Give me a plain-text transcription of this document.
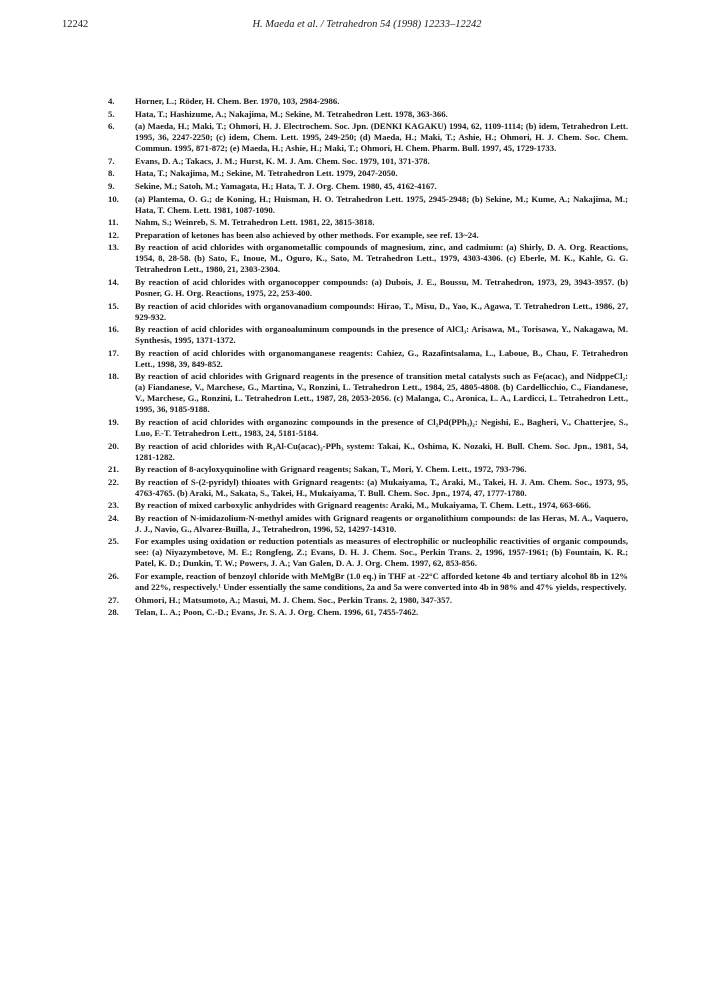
12242	H. Maeda et al. / Tetrahedron 54 (1998) 12233–12242
4.	Horner, L.; Röder, H. Chem. Ber. 1970, 103, 2984-2986.
5.	Hata, T.; Hashizume, A.; Nakajima, M.; Sekine, M. Tetrahedron Lett. 1978, 363-366.
6.	(a) Maeda, H.; Maki, T.; Ohmori, H. J. Electrochem. Soc. Jpn. (DENKI KAGAKU) 1994, 62, 1109-1114; (b) idem, Tetrahedron Lett. 1995, 36, 2247-2250; (c) idem, Chem. Lett. 1995, 249-250; (d) Maeda, H.; Maki, T.; Ashie, H.; Ohmori, H. J. Chem. Soc. Chem. Commun. 1995, 871-872; (e) Maeda, H.; Ashie, H.; Maki, T.; Ohmori, H. Chem. Pharm. Bull. 1997, 45, 1729-1733.
7.	Evans, D. A.; Takacs, J. M.; Hurst, K. M. J. Am. Chem. Soc. 1979, 101, 371-378.
8.	Hata, T.; Nakajima, M.; Sekine, M. Tetrahedron Lett. 1979, 2047-2050.
9.	Sekine, M.; Satoh, M.; Yamagata, H.; Hata, T. J. Org. Chem. 1980, 45, 4162-4167.
10.	(a) Plantema, O. G.; de Koning, H.; Huisman, H. O. Tetrahedron Lett. 1975, 2945-2948; (b) Sekine, M.; Kume, A.; Nakajima, M.; Hata, T. Chem. Lett. 1981, 1087-1090.
11.	Nahm, S.; Weinreb, S. M. Tetrahedron Lett. 1981, 22, 3815-3818.
12.	Preparation of ketones has been also achieved by other methods. For example, see ref. 13~24.
13.	By reaction of acid chlorides with organometallic compounds of magnesium, zinc, and cadmium: (a) Shirly, D. A. Org. Reactions, 1954, 8, 28-58. (b) Sato, F., Inoue, M., Oguro, K., Sato, M. Tetrahedron Lett., 1979, 4303-4306. (c) Eberle, M. K., Kahle, G. G. Tetrahedron Lett., 1980, 21, 2303-2304.
14.	By reaction of acid chlorides with organocopper compounds: (a) Dubois, J. E., Boussu, M. Tetrahedron, 1973, 29, 3943-3957. (b) Posner, G. H. Org. Reactions, 1975, 22, 253-400.
15.	By reaction of acid chlorides with organovanadium compounds: Hirao, T., Misu, D., Yao, K., Agawa, T. Tetrahedron Lett., 1986, 27, 929-932.
16.	By reaction of acid chlorides with organoaluminum compounds in the presence of AlCl₃: Arisawa, M., Torisawa, Y., Nakagawa, M. Synthesis, 1995, 1371-1372.
17.	By reaction of acid chlorides with organomanganese reagents: Cahiez, G., Razafintsalama, L., Laboue, B., Chau, F. Tetrahedron Lett., 1998, 39, 849-852.
18.	By reaction of acid chlorides with Grignard reagents in the presence of transition metal catalysts such as Fe(acac)₃ and NidppeCl₂: (a) Fiandanese, V., Marchese, G., Martina, V., Ronzini, L. Tetrahedron Lett., 1984, 25, 4805-4808. (b) Cardellicchio, C., Fiandanese, V., Marchese, G., Ronzini, L. Tetrahedron Lett., 1987, 28, 2053-2056. (c) Malanga, C., Aronica, L. A., Lardicci, L. Tetrahedron Lett., 1995, 36, 9185-9188.
19.	By reaction of acid chlorides with organozinc compounds in the presence of Cl₂Pd(PPh₃)₂: Negishi, E., Bagheri, V., Chatterjee, S., Luo, F.-T. Tetrahedron Lett., 1983, 24, 5181-5184.
20.	By reaction of acid chlorides with R₃Al-Cu(acac)₂-PPh₃ system: Takai, K., Oshima, K. Nozaki, H. Bull. Chem. Soc. Jpn., 1981, 54, 1281-1282.
21.	By reaction of 8-acyloxyquinoline with Grignard reagents; Sakan, T., Mori, Y. Chem. Lett., 1972, 793-796.
22.	By reaction of S-(2-pyridyl) thioates with Grignard reagents: (a) Mukaiyama, T., Araki, M., Takei, H. J. Am. Chem. Soc., 1973, 95, 4763-4765. (b) Araki, M., Sakata, S., Takei, H., Mukaiyama, T. Bull. Chem. Soc. Jpn., 1974, 47, 1777-1780.
23.	By reaction of mixed carboxylic anhydrides with Grignard reagents: Araki, M., Mukaiyama, T. Chem. Lett., 1974, 663-666.
24.	By reaction of N-imidazolium-N-methyl amides with Grignard reagents or organolithium compounds: de las Heras, M. A., Vaquero, J. J., Navio, G., Alvarez-Builla, J., Tetrahedron, 1996, 52, 14297-14310.
25.	For examples using oxidation or reduction potentials as measures of electrophilic or nucleophilic reactivities of organic compounds, see: (a) Niyazymbetove, M. E.; Rongfeng, Z.; Evans, D. H. J. Chem. Soc., Perkin Trans. 2, 1996, 1957-1961; (b) Fountain, K. R.; Patel, K. D.; Dunkin, T. W.; Powers, J. A.; Van Galen, D. A. J. Org. Chem. 1997, 62, 853-856.
26.	For example, reaction of benzoyl chloride with MeMgBr (1.0 eq.) in THF at -22°C afforded ketone 4b and tertiary alcohol 8b in 12% and 22%, respectively.¹ Under essentially the same conditions, 2a and 5a were converted into 4b in 98% and 47% yields, respectively.
27.	Ohmori, H.; Matsumoto, A.; Masui, M. J. Chem. Soc., Perkin Trans. 2, 1980, 347-357.
28.	Telan, L. A.; Poon, C.-D.; Evans, Jr. S. A. J. Org. Chem. 1996, 61, 7455-7462.
